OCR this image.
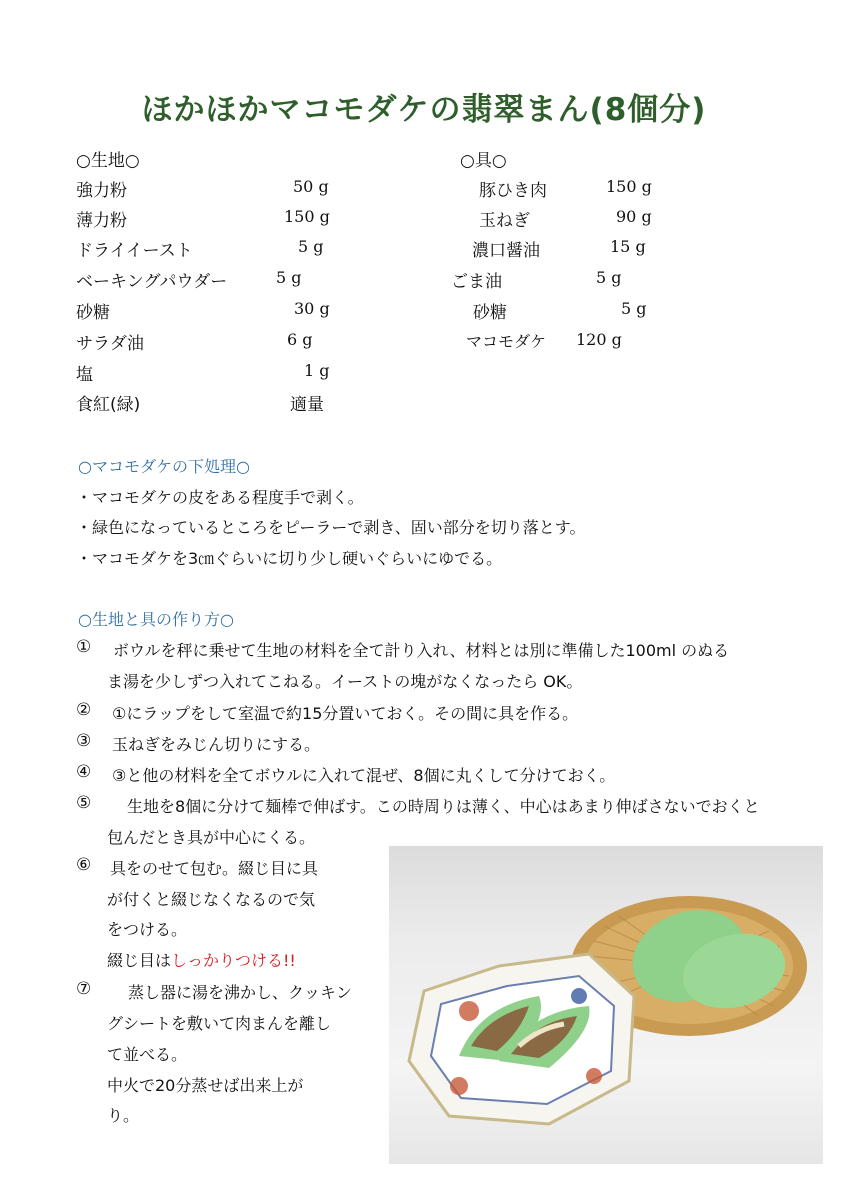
ほかほかマコモダケの翡翠まん(8個分)
○生地○
強力粉	50 g
薄力粉	150 g
ドライイースト	5 g
ベーキングパウダー	5 g
砂糖	30 g
サラダ油	6 g
塩	1 g
食紅(緑)	適量
○具○
豚ひき肉	150 g
玉ねぎ	90 g
濃口醤油	15 g
ごま油	5 g
砂糖	5 g
マコモダケ 120 g
○マコモダケの下処理○
・マコモダケの皮をある程度手で剥く。
・緑色になっているところをピーラーで剥き、固い部分を切り落とす。
・マコモダケを3㎝ぐらいに切り少し硬いぐらいにゆでる。
○生地と具の作り方○
① ボウルを秤に乗せて生地の材料を全て計り入れ、材料とは別に準備した100ml のぬる
ま湯を少しずつ入れてこねる。イーストの塊がなくなったら OK。
② ①にラップをして室温で約15分置いておく。その間に具を作る。
③ 玉ねぎをみじん切りにする。
④ ③と他の材料を全てボウルに入れて混ぜ、8個に丸くして分けておく。
⑤ 生地を8個に分けて麺棒で伸ばす。この時周りは薄く、中心はあまり伸ばさないでおくと
包んだとき具が中心にくる。
⑥ 具をのせて包む。綴じ目に具
が付くと綴じなくなるので気
をつける。
綴じ目はしっかりつける!!
⑦ 蒸し器に湯を沸かし、クッキン
グシートを敷いて肉まんを離し
て並べる。
中火で20分蒸せば出来上が
り。
